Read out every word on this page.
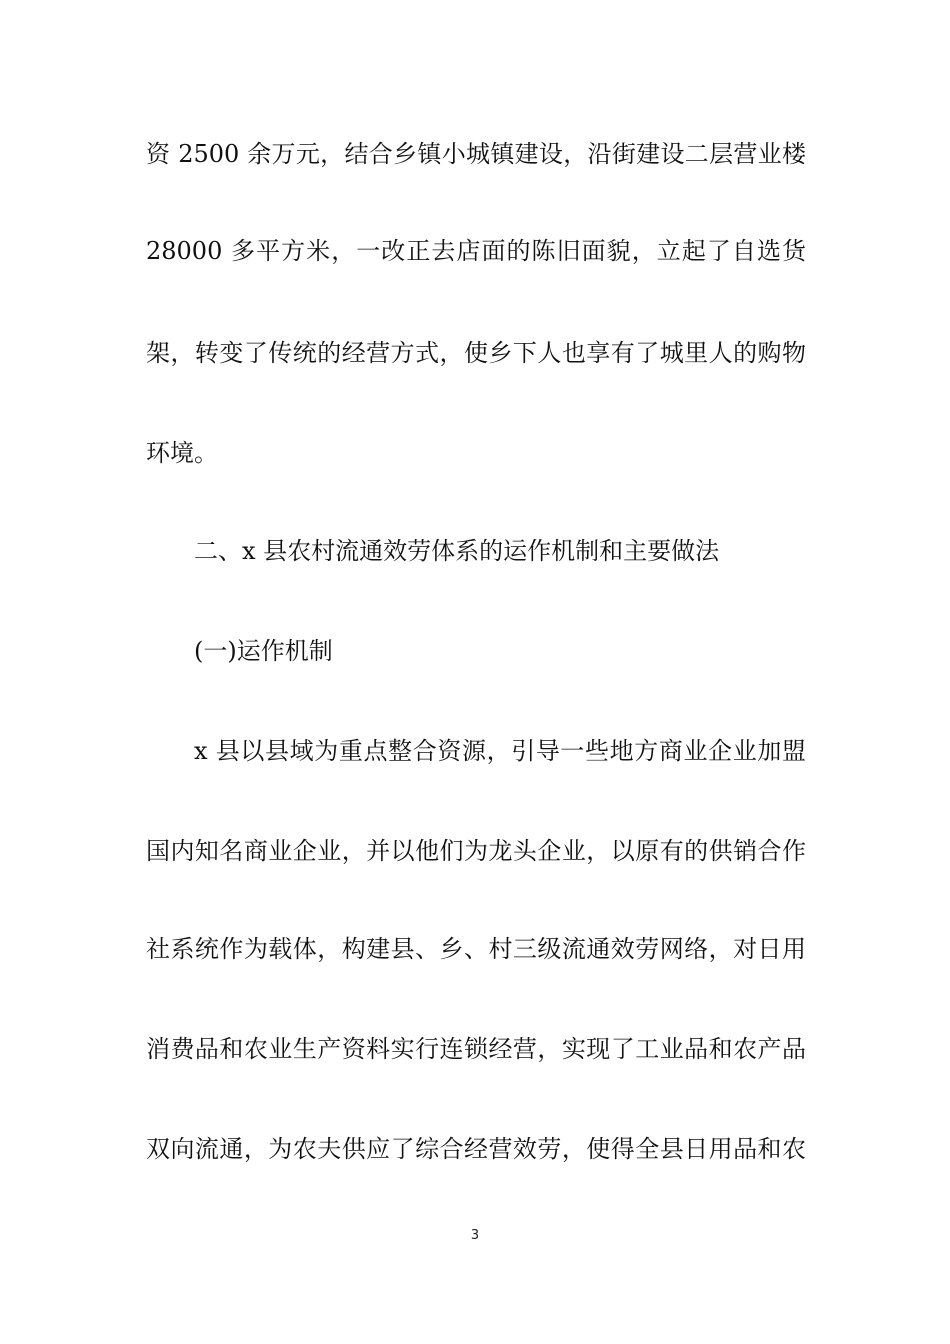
资 2500 余万元，结合乡镇小城镇建设，沿街建设二层营业楼
28000 多平方米，一改正去店面的陈旧面貌，立起了自选货
架，转变了传统的经营方式，使乡下人也享有了城里人的购物
环境。
二、x 县农村流通效劳体系的运作机制和主要做法
(一)运作机制
x 县以县域为重点整合资源，引导一些地方商业企业加盟
国内知名商业企业，并以他们为龙头企业，以原有的供销合作
社系统作为载体，构建县、乡、村三级流通效劳网络，对日用
消费品和农业生产资料实行连锁经营，实现了工业品和农产品
双向流通，为农夫供应了综合经营效劳，使得全县日用品和农
3
